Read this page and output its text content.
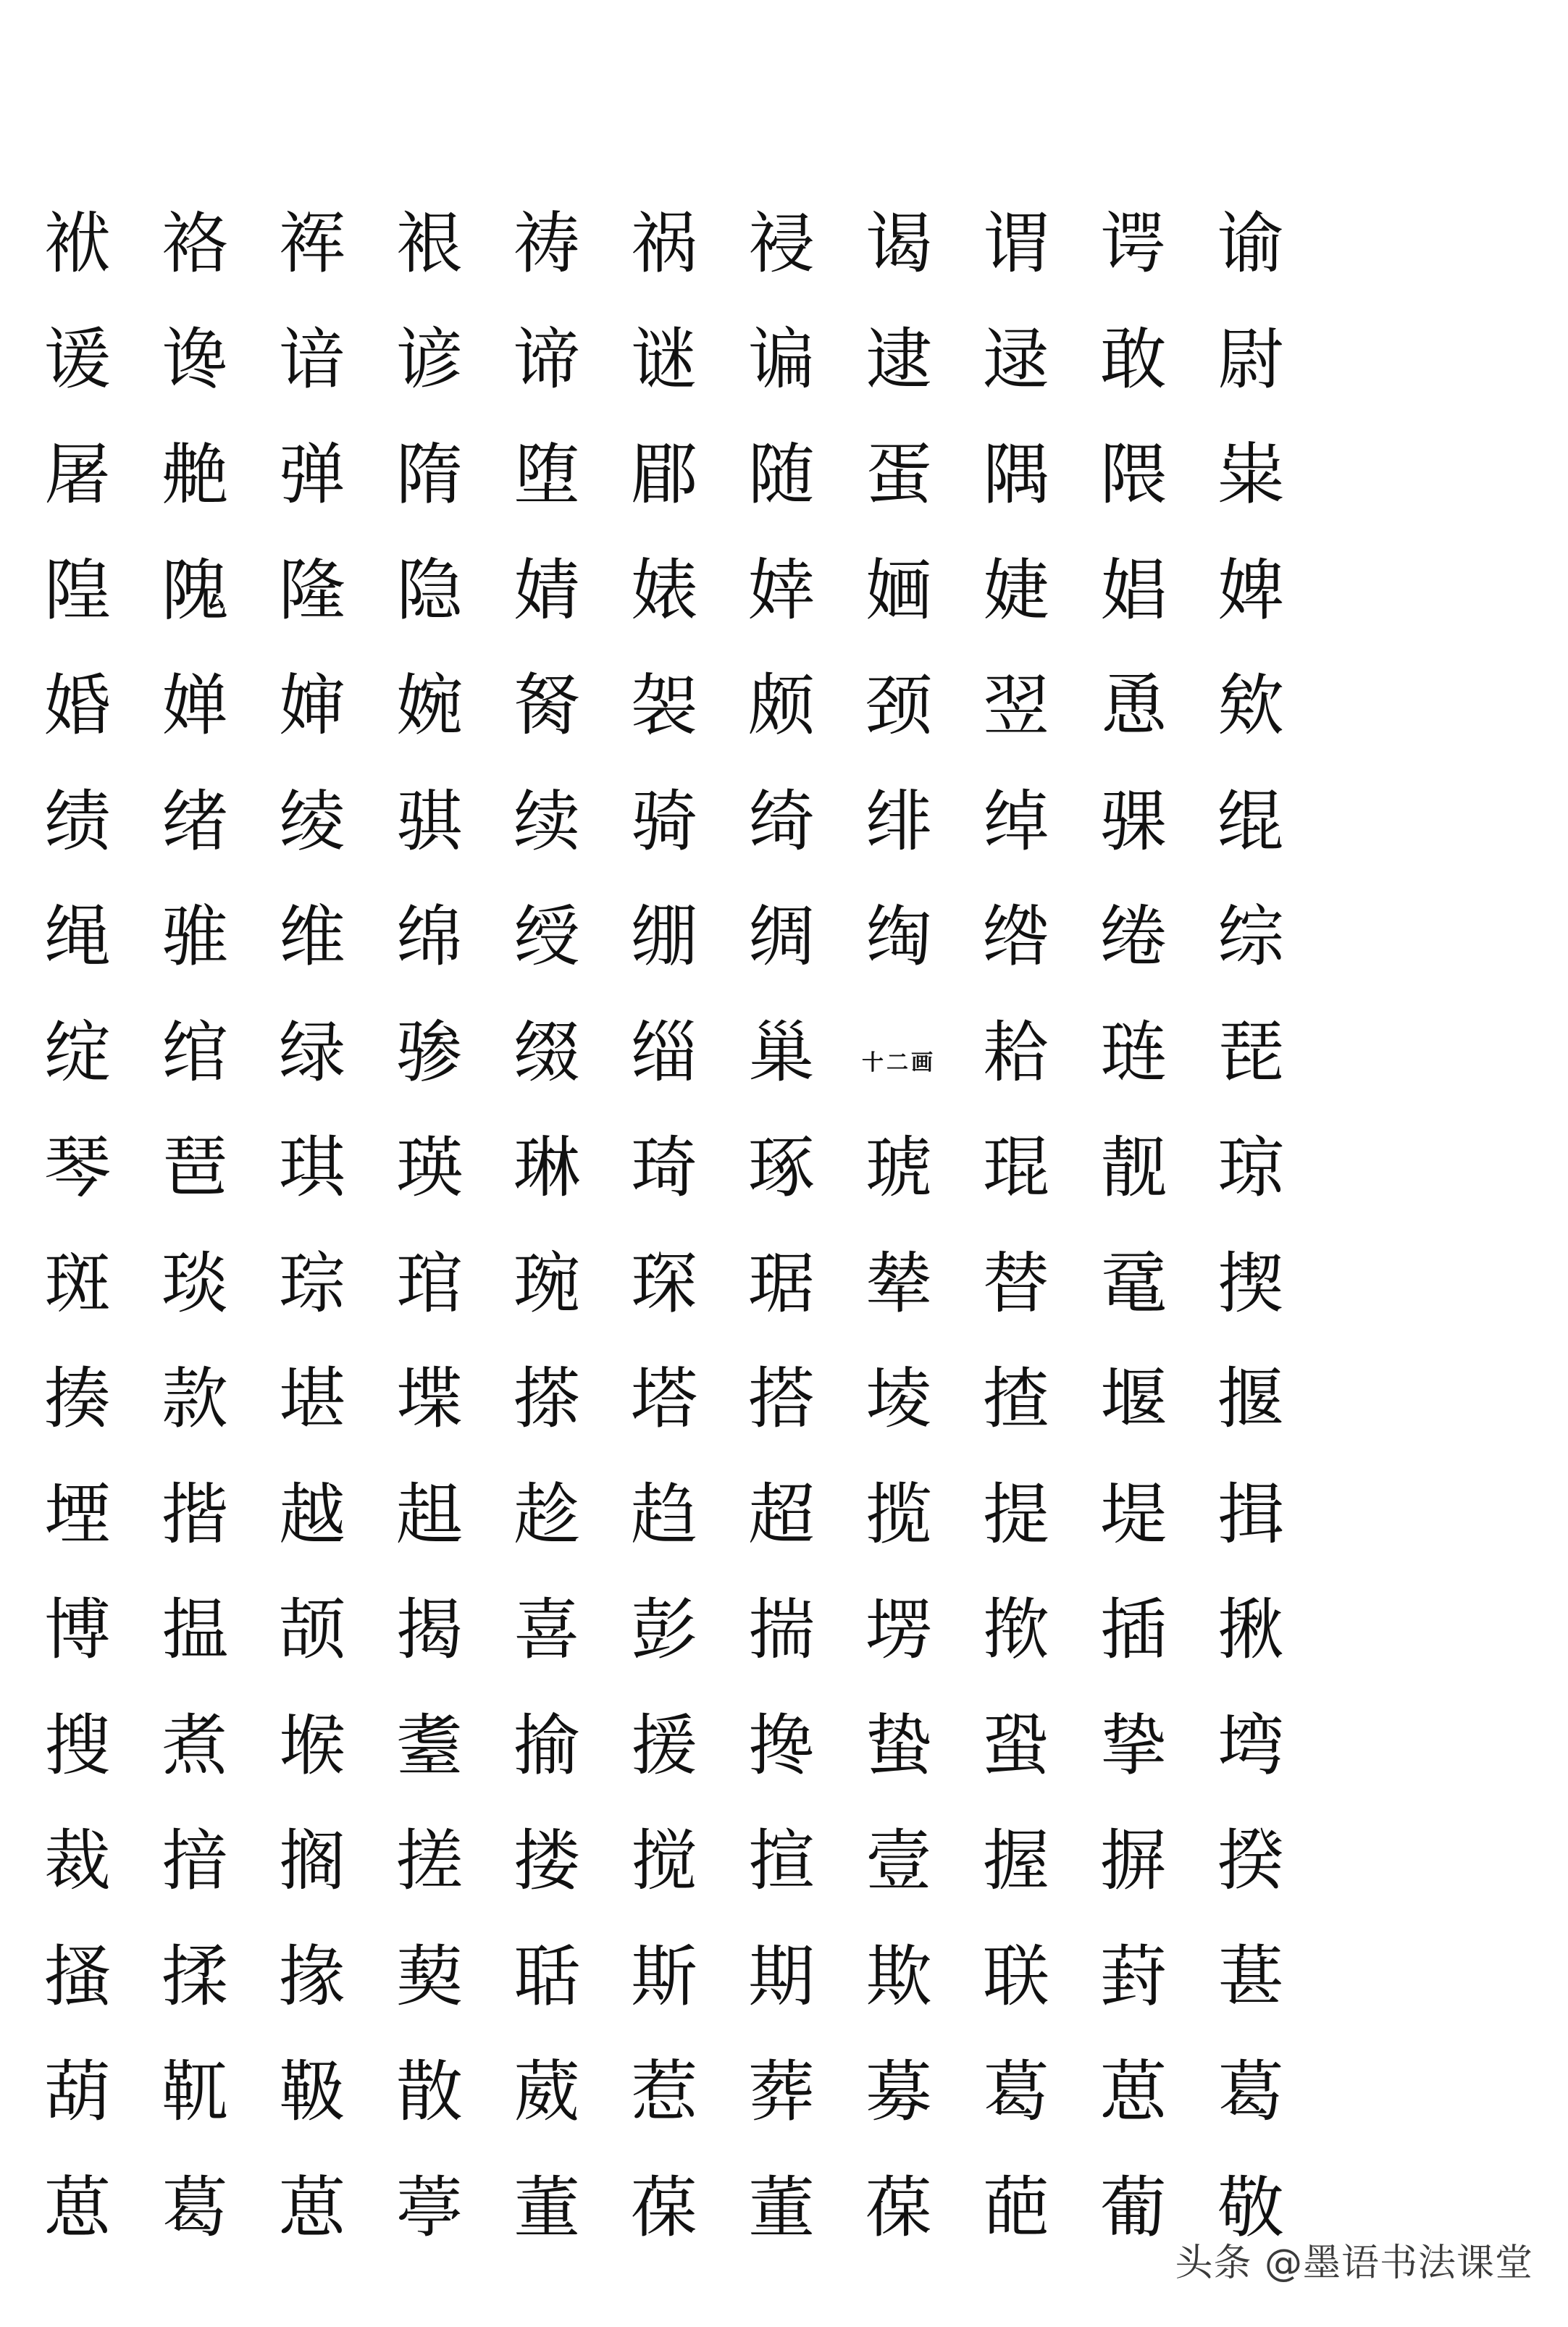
袱 袼 裈 裉 祷 祸 祲 谒 谓 谔 谕
谖 谗 谙 谚 谛 谜 谝 逮 逯 敢 尉
屠 艴 弹 隋 堕 郿 随 蛋 隅 隈 粜
隍 隗 隆 隐 婧 婊 婞 婳 婕 娼 婢
婚 婵 婶 婉 胬 袈 颇 颈 翌 恿 欸
绩 绪 绫 骐 续 骑 绮 绯 绰 骒 绲
绳 骓 维 绵 绶 绷 绸 绹 绺 绻 综
绽 绾 绿 骖 缀 缁 巢	十二画 耠 琏 琵
琴 琶 琪 瑛 琳 琦 琢 琥 琨 靓 琼
斑 琰 琮 琯 琬 琛 琚 辇 替 鼋 揳
揍 款 堪 堞 搽 塔 搭 堎 揸 堰 揠
堙 揩 越 趄 趁 趋 超 揽 提 堤 揖
博 揾 颉 揭 喜 彭 揣 塄 揿 插 揪
搜 煮 堠 耋 揄 援 搀 蛰 蛩 挚 塆
裁 揞 搁 搓 搂 搅 揎 壹 握 摒 揆
搔 揉 掾 葜 聒 斯 期 欺 联 葑 葚
葫 靰 靸 散 葳 惹 葬 募 葛 葸 葛
葸 葛 葸 葶 董 葆 董 葆 葩 葡 敬
头条 @墨语书法课堂
